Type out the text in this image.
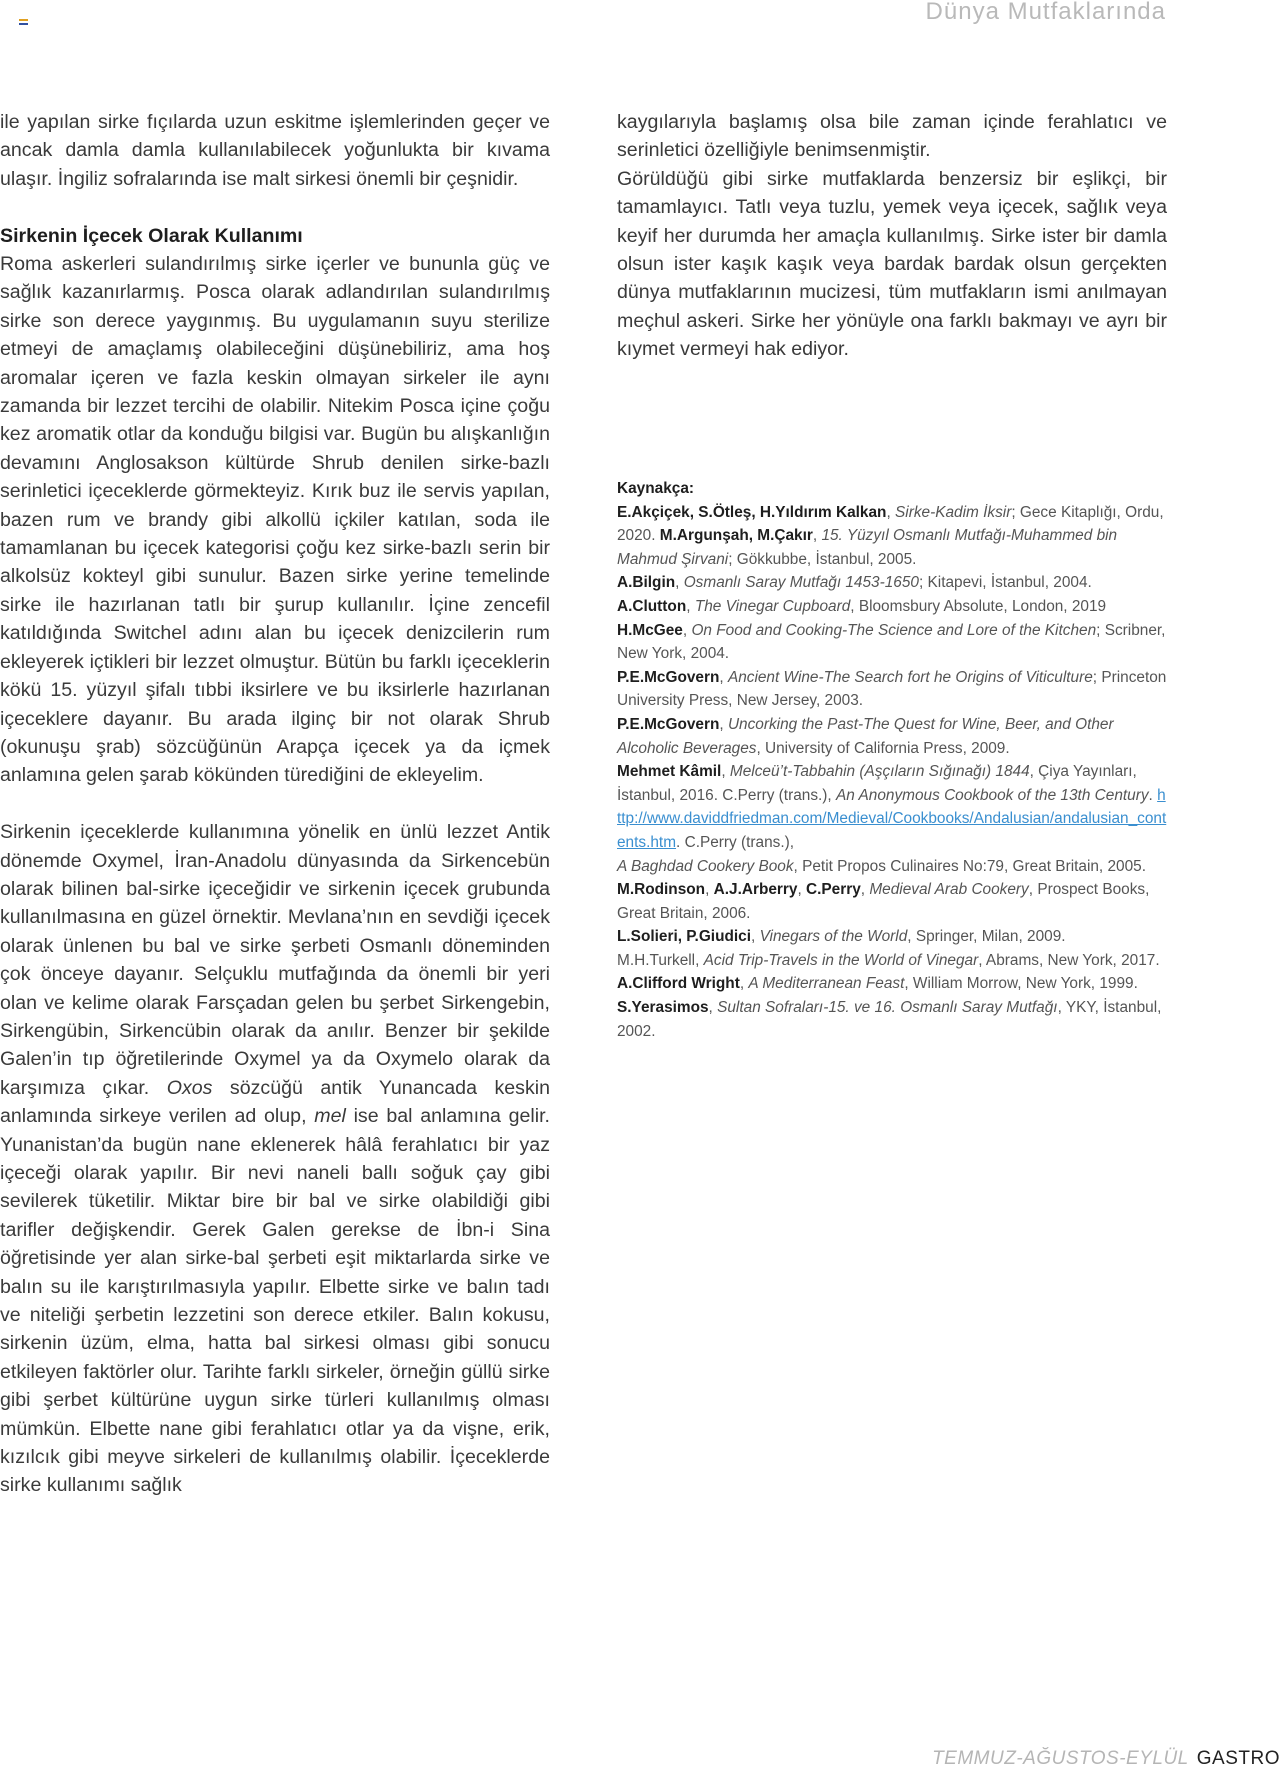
Dünya Mutfaklarında

ile yapılan sirke fıçılarda uzun eskitme işlemlerinden geçer ve ancak damla damla kullanılabilecek yoğunlukta bir kıvama ulaşır. İngiliz sofralarında ise malt sirkesi önemli bir çeşnidir.

Sirkenin İçecek Olarak Kullanımı

Roma askerleri sulandırılmış sirke içerler ve bununla güç ve sağlık kazanırlarmış. Posca olarak adlandırılan sulandırılmış sirke son derece yaygınmış. Bu uygulamanın suyu sterilize etmeyi de amaçlamış olabileceğini düşünebiliriz, ama hoş aromalar içeren ve fazla keskin olmayan sirkeler ile aynı zamanda bir lezzet tercihi de olabilir. Nitekim Posca içine çoğu kez aromatik otlar da konduğu bilgisi var. Bugün bu alışkanlığın devamını Anglosakson kültürde Shrub denilen sirke-bazlı serinletici içeceklerde görmekteyiz. Kırık buz ile servis yapılan, bazen rum ve brandy gibi alkollü içkiler katılan, soda ile tamamlanan bu içecek kategorisi çoğu kez sirke-bazlı serin bir alkolsüz kokteyl gibi sunulur. Bazen sirke yerine temelinde sirke ile hazırlanan tatlı bir şurup kullanılır. İçine zencefil katıldığında Switchel adını alan bu içecek denizcilerin rum ekleyerek içtikleri bir lezzet olmuştur. Bütün bu farklı içeceklerin kökü 15. yüzyıl şifalı tıbbi iksirlere ve bu iksirlerle hazırlanan içeceklere dayanır. Bu arada ilginç bir not olarak Shrub (okunuşu şrab) sözcüğünün Arapça içecek ya da içmek anlamına gelen şarab kökünden türediğini de ekleyelim.

Sirkenin içeceklerde kullanımına yönelik en ünlü lezzet Antik dönemde Oxymel, İran-Anadolu dünyasında da Sirkencebün olarak bilinen bal-sirke içeceğidir ve sirkenin içecek grubunda kullanılmasına en güzel örnektir. Mevlana’nın en sevdiği içecek olarak ünlenen bu bal ve sirke şerbeti Osmanlı döneminden çok önceye dayanır. Selçuklu mutfağında da önemli bir yeri olan ve kelime olarak Farsçadan gelen bu şerbet Sirkengebin, Sirkengübin, Sirkencübin olarak da anılır. Benzer bir şekilde Galen’in tıp öğretilerinde Oxymel ya da Oxymelo olarak da karşımıza çıkar. Oxos sözcüğü antik Yunancada keskin anlamında sirkeye verilen ad olup, mel ise bal anlamına gelir. Yunanistan’da bugün nane eklenerek hâlâ ferahlatıcı bir yaz içeceği olarak yapılır. Bir nevi naneli ballı soğuk çay gibi sevilerek tüketilir. Miktar bire bir bal ve sirke olabildiği gibi tarifler değişkendir. Gerek Galen gerekse de İbn-i Sina öğretisinde yer alan sirke-bal şerbeti eşit miktarlarda sirke ve balın su ile karıştırılmasıyla yapılır. Elbette sirke ve balın tadı ve niteliği şerbetin lezzetini son derece etkiler. Balın kokusu, sirkenin üzüm, elma, hatta bal sirkesi olması gibi sonucu etkileyen faktörler olur. Tarihte farklı sirkeler, örneğin güllü sirke gibi şerbet kültürüne uygun sirke türleri kullanılmış olması mümkün. Elbette nane gibi ferahlatıcı otlar ya da vişne, erik, kızılcık gibi meyve sirkeleri de kullanılmış olabilir. İçeceklerde sirke kullanımı sağlık

kaygılarıyla başlamış olsa bile zaman içinde ferahlatıcı ve serinletici özelliğiyle benimsenmiştir.

Görüldüğü gibi sirke mutfaklarda benzersiz bir eşlikçi, bir tamamlayıcı. Tatlı veya tuzlu, yemek veya içecek, sağlık veya keyif her durumda her amaçla kullanılmış. Sirke ister bir damla olsun ister kaşık kaşık veya bardak bardak olsun gerçekten dünya mutfaklarının mucizesi, tüm mutfakların ismi anılmayan meçhul askeri. Sirke her yönüyle ona farklı bakmayı ve ayrı bir kıymet vermeyi hak ediyor.

Kaynakça:

E.Akçiçek, S.Ötleş, H.Yıldırım Kalkan, Sirke-Kadim İksir; Gece Kitaplığı, Ordu, 2020. M.Argunşah, M.Çakır, 15. Yüzyıl Osmanlı Mutfağı-Muhammed bin Mahmud Şirvani; Gökkubbe, İstanbul, 2005.

A.Bilgin, Osmanlı Saray Mutfağı 1453-1650; Kitapevi, İstanbul, 2004.

A.Clutton, The Vinegar Cupboard, Bloomsbury Absolute, London, 2019

H.McGee, On Food and Cooking-The Science and Lore of the Kitchen; Scribner, New York, 2004.

P.E.McGovern, Ancient Wine-The Search fort he Origins of Viticulture; Princeton University Press, New Jersey, 2003.

P.E.McGovern, Uncorking the Past-The Quest for Wine, Beer, and Other Alcoholic Beverages, University of California Press, 2009.

Mehmet Kâmil, Melceü’t-Tabbahin (Aşçıların Sığınağı) 1844, Çiya Yayınları, İstanbul, 2016. C.Perry (trans.), An Anonymous Cookbook of the 13th Century. http://www.daviddfriedman.com/Medieval/Cookbooks/Andalusian/andalusian_contents.htm. C.Perry (trans.),

A Baghdad Cookery Book, Petit Propos Culinaires No:79, Great Britain, 2005.

M.Rodinson, A.J.Arberry, C.Perry, Medieval Arab Cookery, Prospect Books, Great Britain, 2006.

L.Solieri, P.Giudici, Vinegars of the World, Springer, Milan, 2009.

M.H.Turkell, Acid Trip-Travels in the World of Vinegar, Abrams, New York, 2017.

A.Clifford Wright, A Mediterranean Feast, William Morrow, New York, 1999.

S.Yerasimos, Sultan Sofraları-15. ve 16. Osmanlı Saray Mutfağı, YKY, İstanbul, 2002.

TEMMUZ-AĞUSTOS-EYLÜL GASTRO
